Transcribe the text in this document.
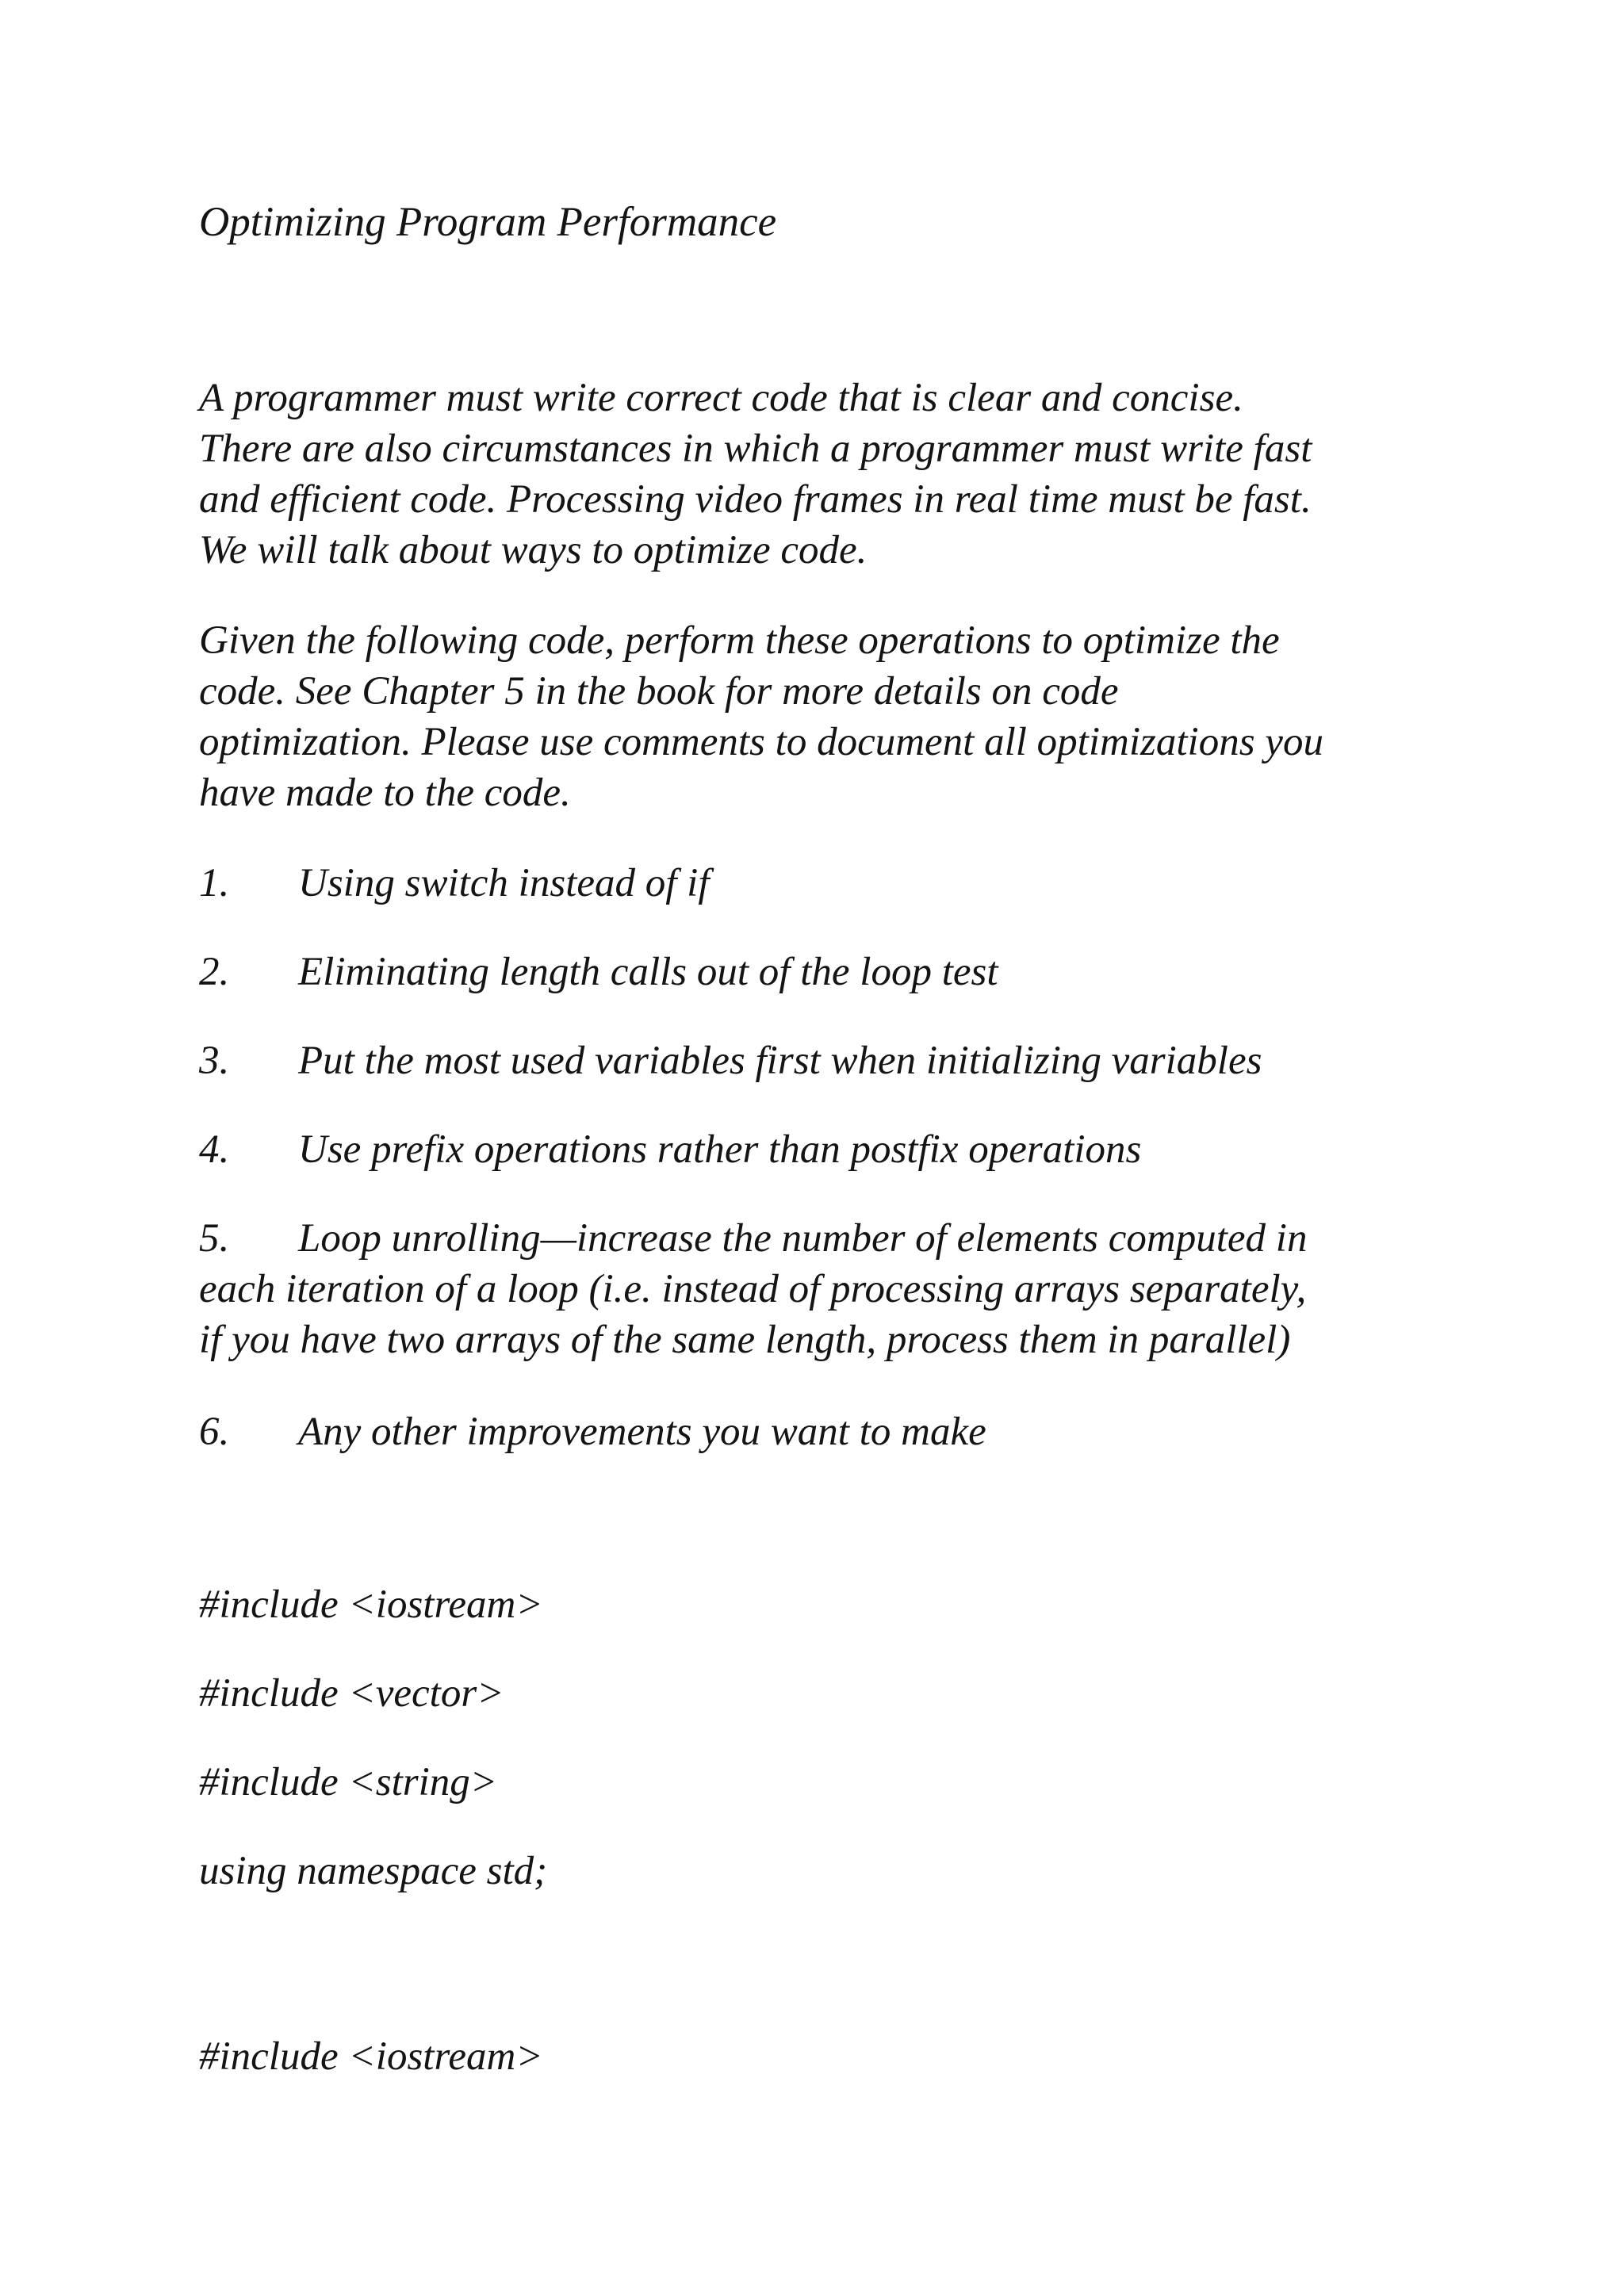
Optimizing Program Performance
A programmer must write correct code that is clear and concise.
There are also circumstances in which a programmer must write fast
and efficient code. Processing video frames in real time must be fast.
We will talk about ways to optimize code.
Given the following code, perform these operations to optimize the
code. See Chapter 5 in the book for more details on code
optimization. Please use comments to document all optimizations you
have made to the code.
1. Using switch instead of if
2. Eliminating length calls out of the loop test
3. Put the most used variables first when initializing variables
4. Use prefix operations rather than postfix operations
5. Loop unrolling—increase the number of elements computed in
each iteration of a loop (i.e. instead of processing arrays separately,
if you have two arrays of the same length, process them in parallel)
6. Any other improvements you want to make
#include <iostream>
#include <vector>
#include <string>
using namespace std;
#include <iostream>
